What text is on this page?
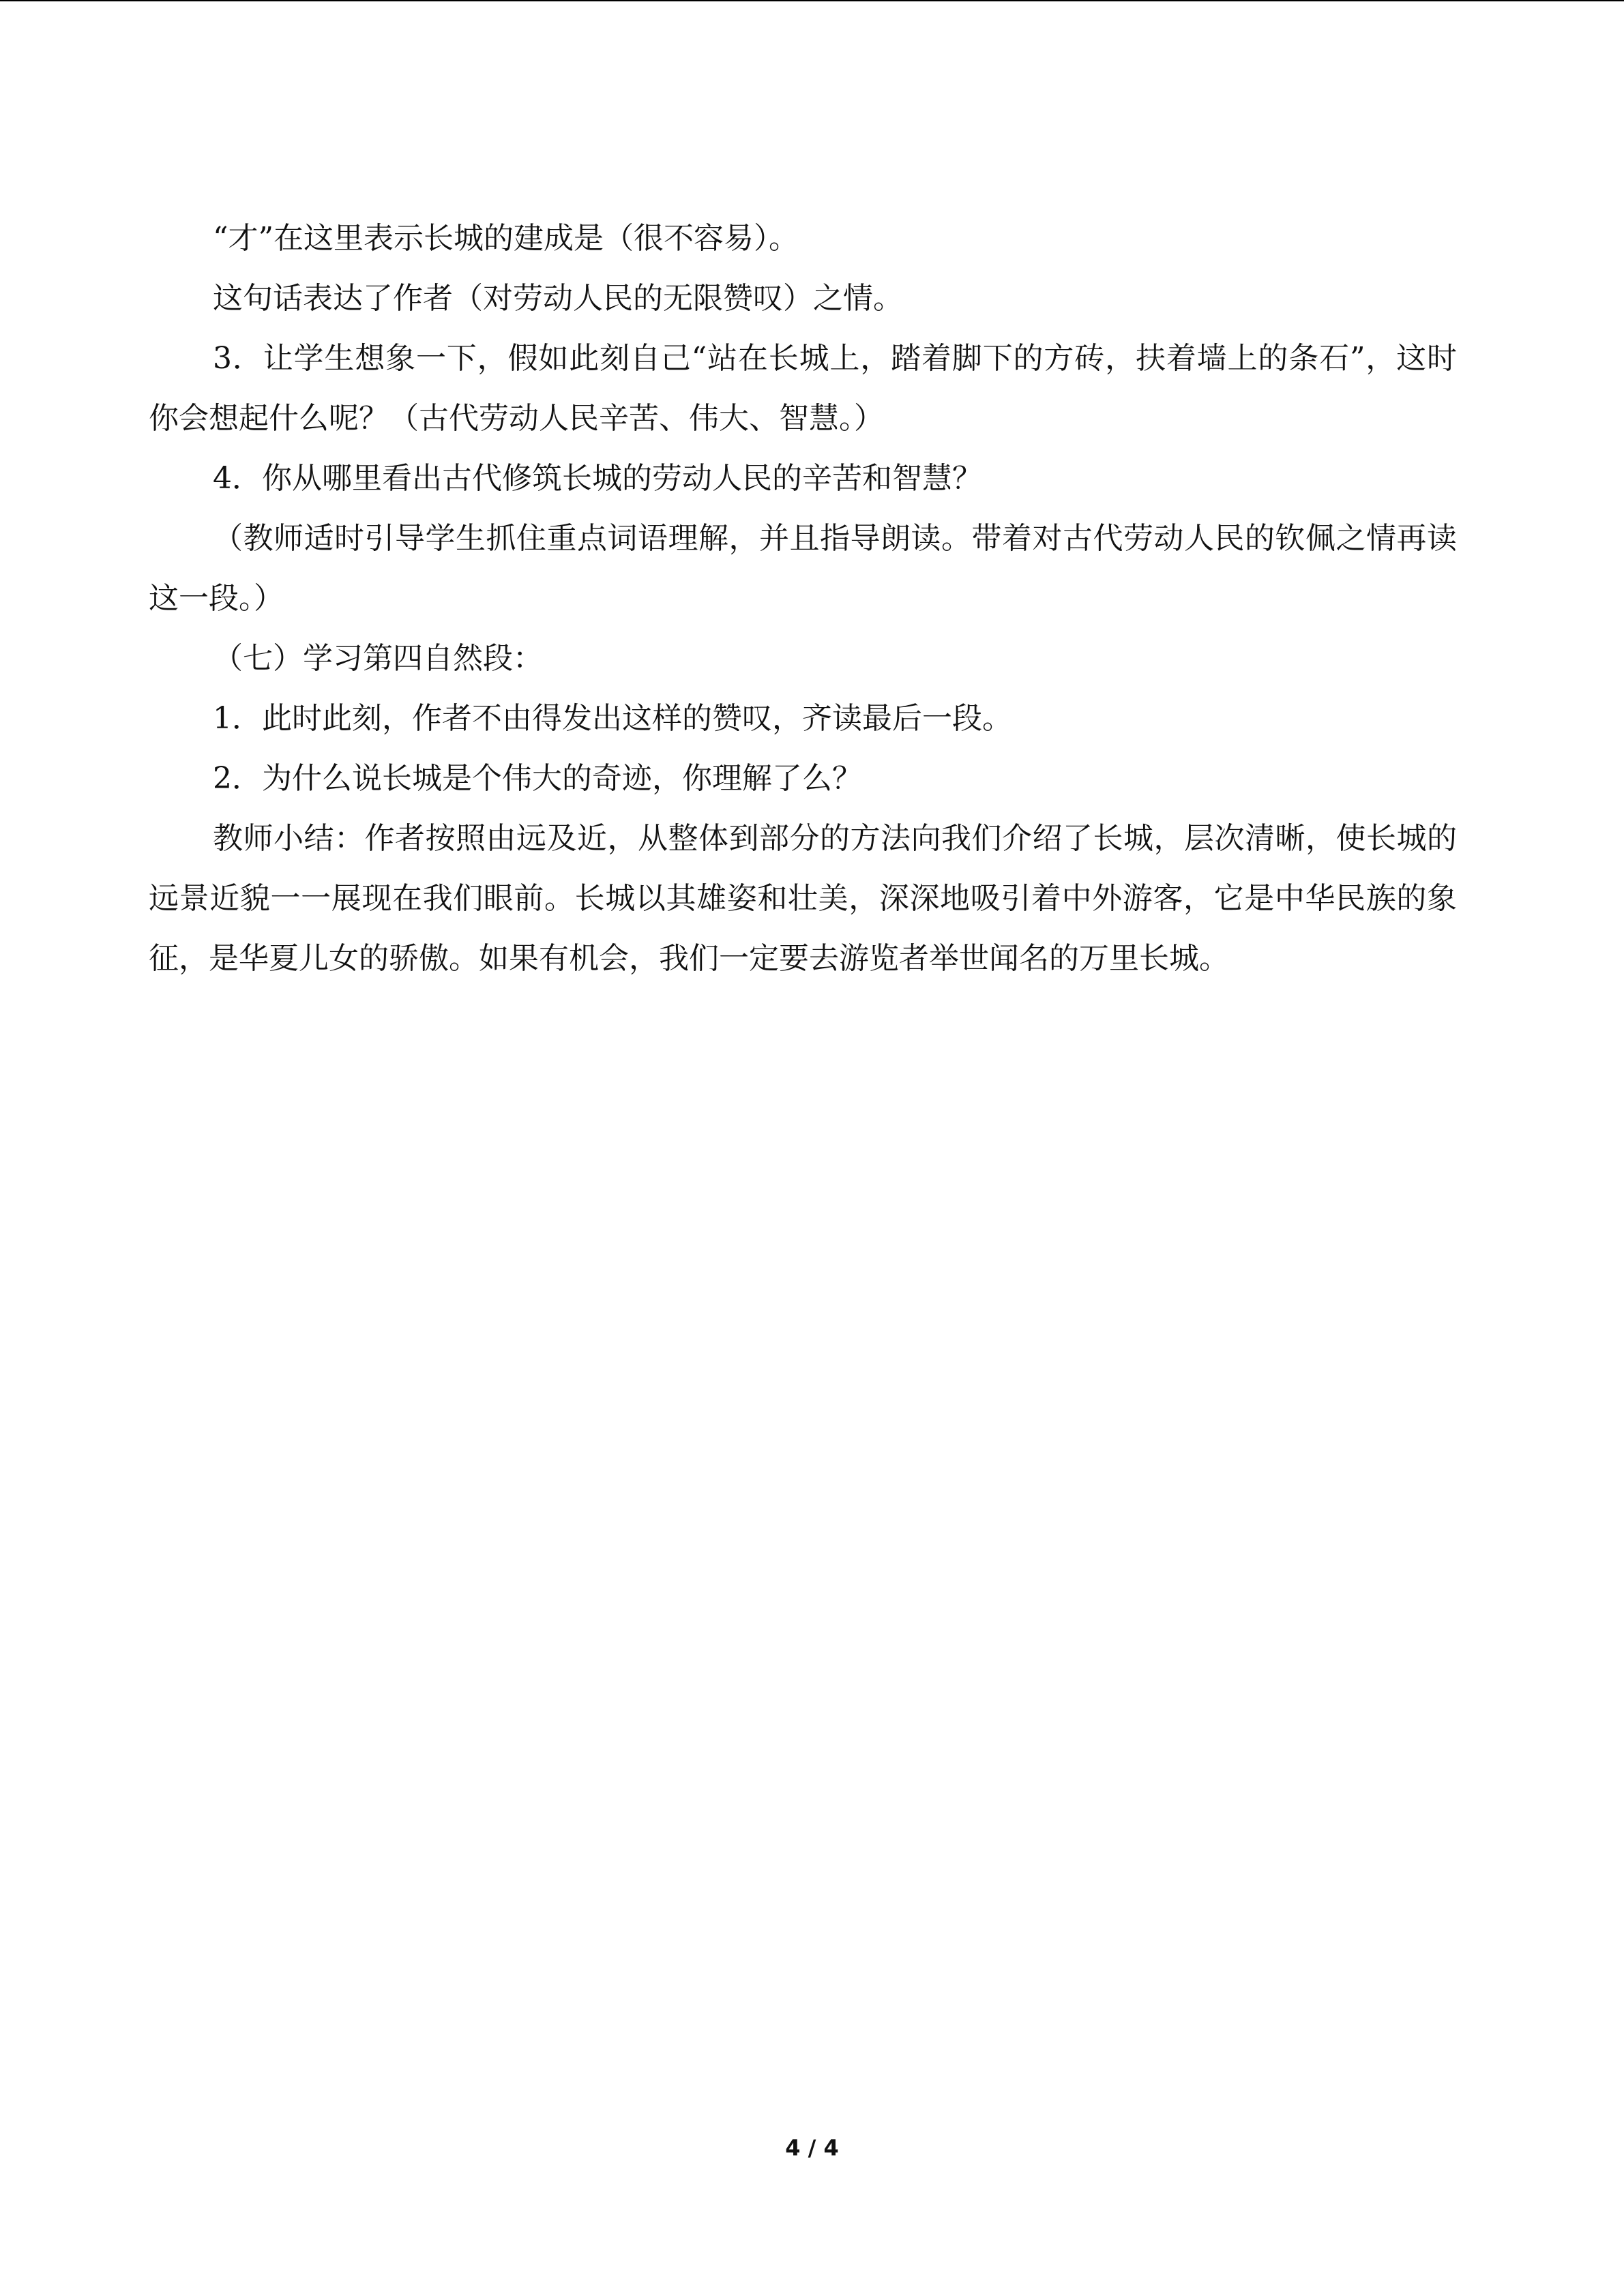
“才”在这里表示长城的建成是（很不容易）。

这句话表达了作者（对劳动人民的无限赞叹）之情。

3．让学生想象一下，假如此刻自己“站在长城上，踏着脚下的方砖，扶着墙上的条石”，这时你会想起什么呢？（古代劳动人民辛苦、伟大、智慧。）

4．你从哪里看出古代修筑长城的劳动人民的辛苦和智慧？

（教师适时引导学生抓住重点词语理解，并且指导朗读。带着对古代劳动人民的钦佩之情再读这一段。）

（七）学习第四自然段：

1．此时此刻，作者不由得发出这样的赞叹，齐读最后一段。

2．为什么说长城是个伟大的奇迹，你理解了么？

教师小结：作者按照由远及近，从整体到部分的方法向我们介绍了长城，层次清晰，使长城的远景近貌一一展现在我们眼前。长城以其雄姿和壮美，深深地吸引着中外游客，它是中华民族的象征，是华夏儿女的骄傲。如果有机会，我们一定要去游览者举世闻名的万里长城。

4 / 4
